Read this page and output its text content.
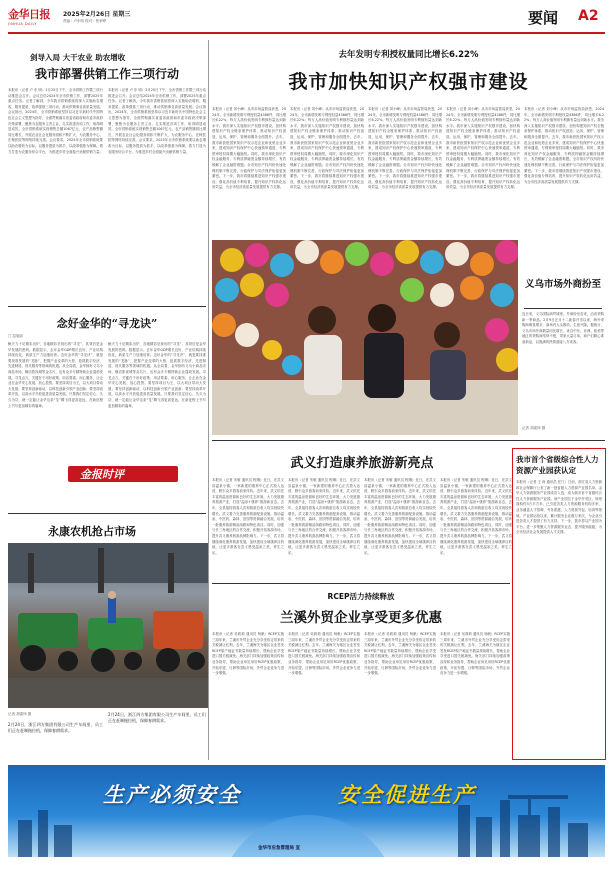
金华日报
JINHUA DAILY
2025年2月26日 星期三
责编｜卢东明 校对｜张荣晔	要闻 A2
剑导入局 大干农业 助农增收
我市部署供销工作三项行动
本报讯（记者 卢 东 明）2月25日下午，全市供销工作暨三项行动推进会召开。会议总结2024年全市供销工作，部署2025年重点任务。记者了解到，今年我市供销系统将深入实施助农增收、服务提质、改革强基三项行动，推动供销事业高质量发展。会议指出，2024年，全市供销系统坚持以习近平新时代中国特色社会主义思想为指导，全面贯彻落实省委省政府和市委市政府决策部署，聚焦为农服务主责主业，扎实推进各项工作，取得明显成效。全市供销系统实现销售总额1067亿元，农产品销售额同比增长，开展农业社会化服务面积不断扩大，为农服务中心、庄稼医院等网络持续完善。会议要求，2025年全市供销系统要以助农增收为目标，以服务提质为抓手，以改革强基为保障，着力打造为农服务综合平台，为推进乡村全面振兴贡献供销力量。
本报讯（记者 卢 东 明）2月25日下午，全市供销工作暨三项行动推进会召开。会议总结2024年全市供销工作，部署2025年重点任务。记者了解到，今年我市供销系统将深入实施助农增收、服务提质、改革强基三项行动，推动供销事业高质量发展。会议指出，2024年，全市供销系统坚持以习近平新时代中国特色社会主义思想为指导，全面贯彻落实省委省政府和市委市政府决策部署，聚焦为农服务主责主业，扎实推进各项工作，取得明显成效。全市供销系统实现销售总额1067亿元，农产品销售额同比增长，开展农业社会化服务面积不断扩大，为农服务中心、庄稼医院等网络持续完善。会议要求，2025年全市供销系统要以助农增收为目标，以服务提质为抓手，以改革强基为保障，着力打造为农服务综合平台，为推进乡村全面振兴贡献供销力量。
念好金华的“寻龙诀”
□ 屈旭丽
鲸天力十足精彩出炉，各地精彩呈现出的“寻龙”，其背后是金华发展的密码。数据显示，去年金华GDP增长良好，产业结构持续优化，新质生产力加速培育。念好金华的“寻龙诀”，就是要找准发展的“龙脉”，把握产业变革的大势，抢抓数字经济、先进制造、现代服务等领域的机遇。从全局看，金华拥有义乌小商品市场、横店影视城等金名片，也有众多专精特新企业蓬勃发展。寻龙点穴，关键在于用好政策、用活要素、用心服务，让企业在金华安心发展、放心投资。要坚持项目为王，以大项目带动大发展；要坚持创新驱动，以科技创新引领产业创新；要坚持改革开放，以高水平开放促进高质量发展。只要我们坚定信心、久久为功，就一定能让金华这条“龙”腾飞得更高更远，在新征程上书写更加精彩的篇章。
鲸天力十足精彩出炉，各地精彩呈现出的“寻龙”，其背后是金华发展的密码。数据显示，去年金华GDP增长良好，产业结构持续优化，新质生产力加速培育。念好金华的“寻龙诀”，就是要找准发展的“龙脉”，把握产业变革的大势，抢抓数字经济、先进制造、现代服务等领域的机遇。从全局看，金华拥有义乌小商品市场、横店影视城等金名片，也有众多专精特新企业蓬勃发展。寻龙点穴，关键在于用好政策、用活要素、用心服务，让企业在金华安心发展、放心投资。要坚持项目为王，以大项目带动大发展；要坚持创新驱动，以科技创新引领产业创新；要坚持改革开放，以高水平开放促进高质量发展。只要我们坚定信心、久久为功，就一定能让金华这条“龙”腾飞得更高更远，在新征程上书写更加精彩的篇章。
金报时评
永康农机抢占市场
记者 胡素炜 摄
2月24日，浙江四方集团有限公司生产车间里，员工们正在赶制拖拉机，保障春耕需求。
2月24日，浙江四方集团有限公司生产车间里，员工们正在赶制拖拉机，保障春耕需求。
去年发明专利授权量同比增长6.22%
我市加快知识产权强市建设
本报讯（记者 刘小峰）从市市场监管局获悉，2024年，全市新增发明专利授权量4386件，同比增长6.22%；每万人高价值发明专利拥有量达到新水平。我市深入实施知识产权强市建设，加快构建知识产权全链条保护体系，推动知识产权创造、运用、保护、管理和服务全面提升。去年，我市新获批国家知识产权示范企业和优势企业多家，建成知识产权保护中心快速预审通道，专利预审授权周期大幅缩短。同时，我市深化知识产权金融服务，专利质押融资金额持续增长，有效缓解了企业融资难题。全市知识产权纠纷快速处理机制不断完善，行政保护与司法保护衔接更加紧密。下一步，我市将继续推进知识产权强市建设，强化高价值专利培育，提升知识产权转化运用效益，为全市经济高质量发展提供有力支撑。
本报讯（记者 刘小峰）从市市场监管局获悉，2024年，全市新增发明专利授权量4386件，同比增长6.22%；每万人高价值发明专利拥有量达到新水平。我市深入实施知识产权强市建设，加快构建知识产权全链条保护体系，推动知识产权创造、运用、保护、管理和服务全面提升。去年，我市新获批国家知识产权示范企业和优势企业多家，建成知识产权保护中心快速预审通道，专利预审授权周期大幅缩短。同时，我市深化知识产权金融服务，专利质押融资金额持续增长，有效缓解了企业融资难题。全市知识产权纠纷快速处理机制不断完善，行政保护与司法保护衔接更加紧密。下一步，我市将继续推进知识产权强市建设，强化高价值专利培育，提升知识产权转化运用效益，为全市经济高质量发展提供有力支撑。
本报讯（记者 刘小峰）从市市场监管局获悉，2024年，全市新增发明专利授权量4386件，同比增长6.22%；每万人高价值发明专利拥有量达到新水平。我市深入实施知识产权强市建设，加快构建知识产权全链条保护体系，推动知识产权创造、运用、保护、管理和服务全面提升。去年，我市新获批国家知识产权示范企业和优势企业多家，建成知识产权保护中心快速预审通道，专利预审授权周期大幅缩短。同时，我市深化知识产权金融服务，专利质押融资金额持续增长，有效缓解了企业融资难题。全市知识产权纠纷快速处理机制不断完善，行政保护与司法保护衔接更加紧密。下一步，我市将继续推进知识产权强市建设，强化高价值专利培育，提升知识产权转化运用效益，为全市经济高质量发展提供有力支撑。
本报讯（记者 刘小峰）从市市场监管局获悉，2024年，全市新增发明专利授权量4386件，同比增长6.22%；每万人高价值发明专利拥有量达到新水平。我市深入实施知识产权强市建设，加快构建知识产权全链条保护体系，推动知识产权创造、运用、保护、管理和服务全面提升。去年，我市新获批国家知识产权示范企业和优势企业多家，建成知识产权保护中心快速预审通道，专利预审授权周期大幅缩短。同时，我市深化知识产权金融服务，专利质押融资金额持续增长，有效缓解了企业融资难题。全市知识产权纠纷快速处理机制不断完善，行政保护与司法保护衔接更加紧密。下一步，我市将继续推进知识产权强市建设，强化高价值专利培育，提升知识产权转化运用效益，为全市经济高质量发展提供有力支撑。
本报讯（记者 刘小峰）从市市场监管局获悉，2024年，全市新增发明专利授权量4386件，同比增长6.22%；每万人高价值发明专利拥有量达到新水平。我市深入实施知识产权强市建设，加快构建知识产权全链条保护体系，推动知识产权创造、运用、保护、管理和服务全面提升。去年，我市新获批国家知识产权示范企业和优势企业多家，建成知识产权保护中心快速预审通道，专利预审授权周期大幅缩短。同时，我市深化知识产权金融服务，专利质押融资金额持续增长，有效缓解了企业融资难题。全市知识产权纠纷快速处理机制不断完善，行政保护与司法保护衔接更加紧密。下一步，我市将继续推进知识产权强市建设，强化高价值专利培育，提升知识产权转化运用效益，为全市经济高质量发展提供有力支撑。
义乌市场外商扮至
连日来，义乌国际商贸城里，外商纷至沓来，洽谈采购新一季商品。2月9日正月十二新春开市以来，海外采购商明显增多，商场内人头攒动，生意兴隆。据统计，义乌市场外商数量同比增长，来自中东、非洲、欧美等地区的采购商络绎不绝，带来大量订单。商户们精心准备新品，以饱满的热情迎接八方来客。
记者 胡素炜 摄
武义打造康养旅游新亮点
本报讯（记者 朱敏 通讯员 程琳）近日，在武义县温泉小镇，一家新建的康养中心正式投入运营，吸引众多游客前来体验。近年来，武义依托丰富的温泉资源和良好的生态环境，大力发展康养旅游产业，打造“温泉+康养“旅游新业态。去年，全县接待游客人次和旅游总收入均实现较快增长。武义着力完善康养旅游配套设施，推动温泉、中医药、森林、田园等资源融合发展，培育一批康养旅游精品线路和特色项目。同时，加强与长三角地区的合作交流，积极开拓客源市场，提升武义康养旅游品牌影响力。下一步，武义将继续深化康养旅游发展，加快建设全域康养目的地，让更多游客在武义感受温泉之美、养生之乐。
本报讯（记者 朱敏 通讯员 程琳）近日，在武义县温泉小镇，一家新建的康养中心正式投入运营，吸引众多游客前来体验。近年来，武义依托丰富的温泉资源和良好的生态环境，大力发展康养旅游产业，打造“温泉+康养“旅游新业态。去年，全县接待游客人次和旅游总收入均实现较快增长。武义着力完善康养旅游配套设施，推动温泉、中医药、森林、田园等资源融合发展，培育一批康养旅游精品线路和特色项目。同时，加强与长三角地区的合作交流，积极开拓客源市场，提升武义康养旅游品牌影响力。下一步，武义将继续深化康养旅游发展，加快建设全域康养目的地，让更多游客在武义感受温泉之美、养生之乐。
本报讯（记者 朱敏 通讯员 程琳）近日，在武义县温泉小镇，一家新建的康养中心正式投入运营，吸引众多游客前来体验。近年来，武义依托丰富的温泉资源和良好的生态环境，大力发展康养旅游产业，打造“温泉+康养“旅游新业态。去年，全县接待游客人次和旅游总收入均实现较快增长。武义着力完善康养旅游配套设施，推动温泉、中医药、森林、田园等资源融合发展，培育一批康养旅游精品线路和特色项目。同时，加强与长三角地区的合作交流，积极开拓客源市场，提升武义康养旅游品牌影响力。下一步，武义将继续深化康养旅游发展，加快建设全域康养目的地，让更多游客在武义感受温泉之美、养生之乐。
本报讯（记者 朱敏 通讯员 程琳）近日，在武义县温泉小镇，一家新建的康养中心正式投入运营，吸引众多游客前来体验。近年来，武义依托丰富的温泉资源和良好的生态环境，大力发展康养旅游产业，打造“温泉+康养“旅游新业态。去年，全县接待游客人次和旅游总收入均实现较快增长。武义着力完善康养旅游配套设施，推动温泉、中医药、森林、田园等资源融合发展，培育一批康养旅游精品线路和特色项目。同时，加强与长三角地区的合作交流，积极开拓客源市场，提升武义康养旅游品牌影响力。下一步，武义将继续深化康养旅游发展，加快建设全域康养目的地，让更多游客在武义感受温泉之美、养生之乐。
我市首个省级综合性人力资源产业园获认定
本报讯（记者 王 涛 通讯员 任江）日前，浙江省人力资源和社会保障厅公布了新一批省级人力资源产业园名单，金华人力资源服务产业园成功入选，成为我市首个省级综合性人力资源服务产业园。该产业园位于金华开发区，规划面积约3万平方米，已引进各类人力资源服务机构多家，业务涵盖人才招聘、劳务派遣、人力资源外包、培训等领域。产业园运营以来，累计服务企业数万家次，为企业引进各类人才提供了有力支持。下一步，我市将以产业园为平台，进一步集聚人力资源服务业态，提升服务能级，为全市经济社会发展提供人才支撑。
RCEP活力持续释放
兰溪外贸企业享受更多优惠
本报讯（记者 吴莉莉 通讯员 杨帆）RCEP实施三周年来，兰溪市外贸企业充分享受协定带来的关税减让红利。去年，兰溪海关为辖区企业签发RCEP原产地证书数量持续增长，帮助企业享受进口国关税减免。海关部门持续加强政策宣传和业务指导，帮助企业用足用好RCEP优惠政策，开拓东盟、日韩等国际市场，外贸企业竞争力进一步增强。
本报讯（记者 吴莉莉 通讯员 杨帆）RCEP实施三周年来，兰溪市外贸企业充分享受协定带来的关税减让红利。去年，兰溪海关为辖区企业签发RCEP原产地证书数量持续增长，帮助企业享受进口国关税减免。海关部门持续加强政策宣传和业务指导，帮助企业用足用好RCEP优惠政策，开拓东盟、日韩等国际市场，外贸企业竞争力进一步增强。
本报讯（记者 吴莉莉 通讯员 杨帆）RCEP实施三周年来，兰溪市外贸企业充分享受协定带来的关税减让红利。去年，兰溪海关为辖区企业签发RCEP原产地证书数量持续增长，帮助企业享受进口国关税减免。海关部门持续加强政策宣传和业务指导，帮助企业用足用好RCEP优惠政策，开拓东盟、日韩等国际市场，外贸企业竞争力进一步增强。
本报讯（记者 吴莉莉 通讯员 杨帆）RCEP实施三周年来，兰溪市外贸企业充分享受协定带来的关税减让红利。去年，兰溪海关为辖区企业签发RCEP原产地证书数量持续增长，帮助企业享受进口国关税减免。海关部门持续加强政策宣传和业务指导，帮助企业用足用好RCEP优惠政策，开拓东盟、日韩等国际市场，外贸企业竞争力进一步增强。
生产必须安全	安全促进生产
金华市应急管理局 宣
